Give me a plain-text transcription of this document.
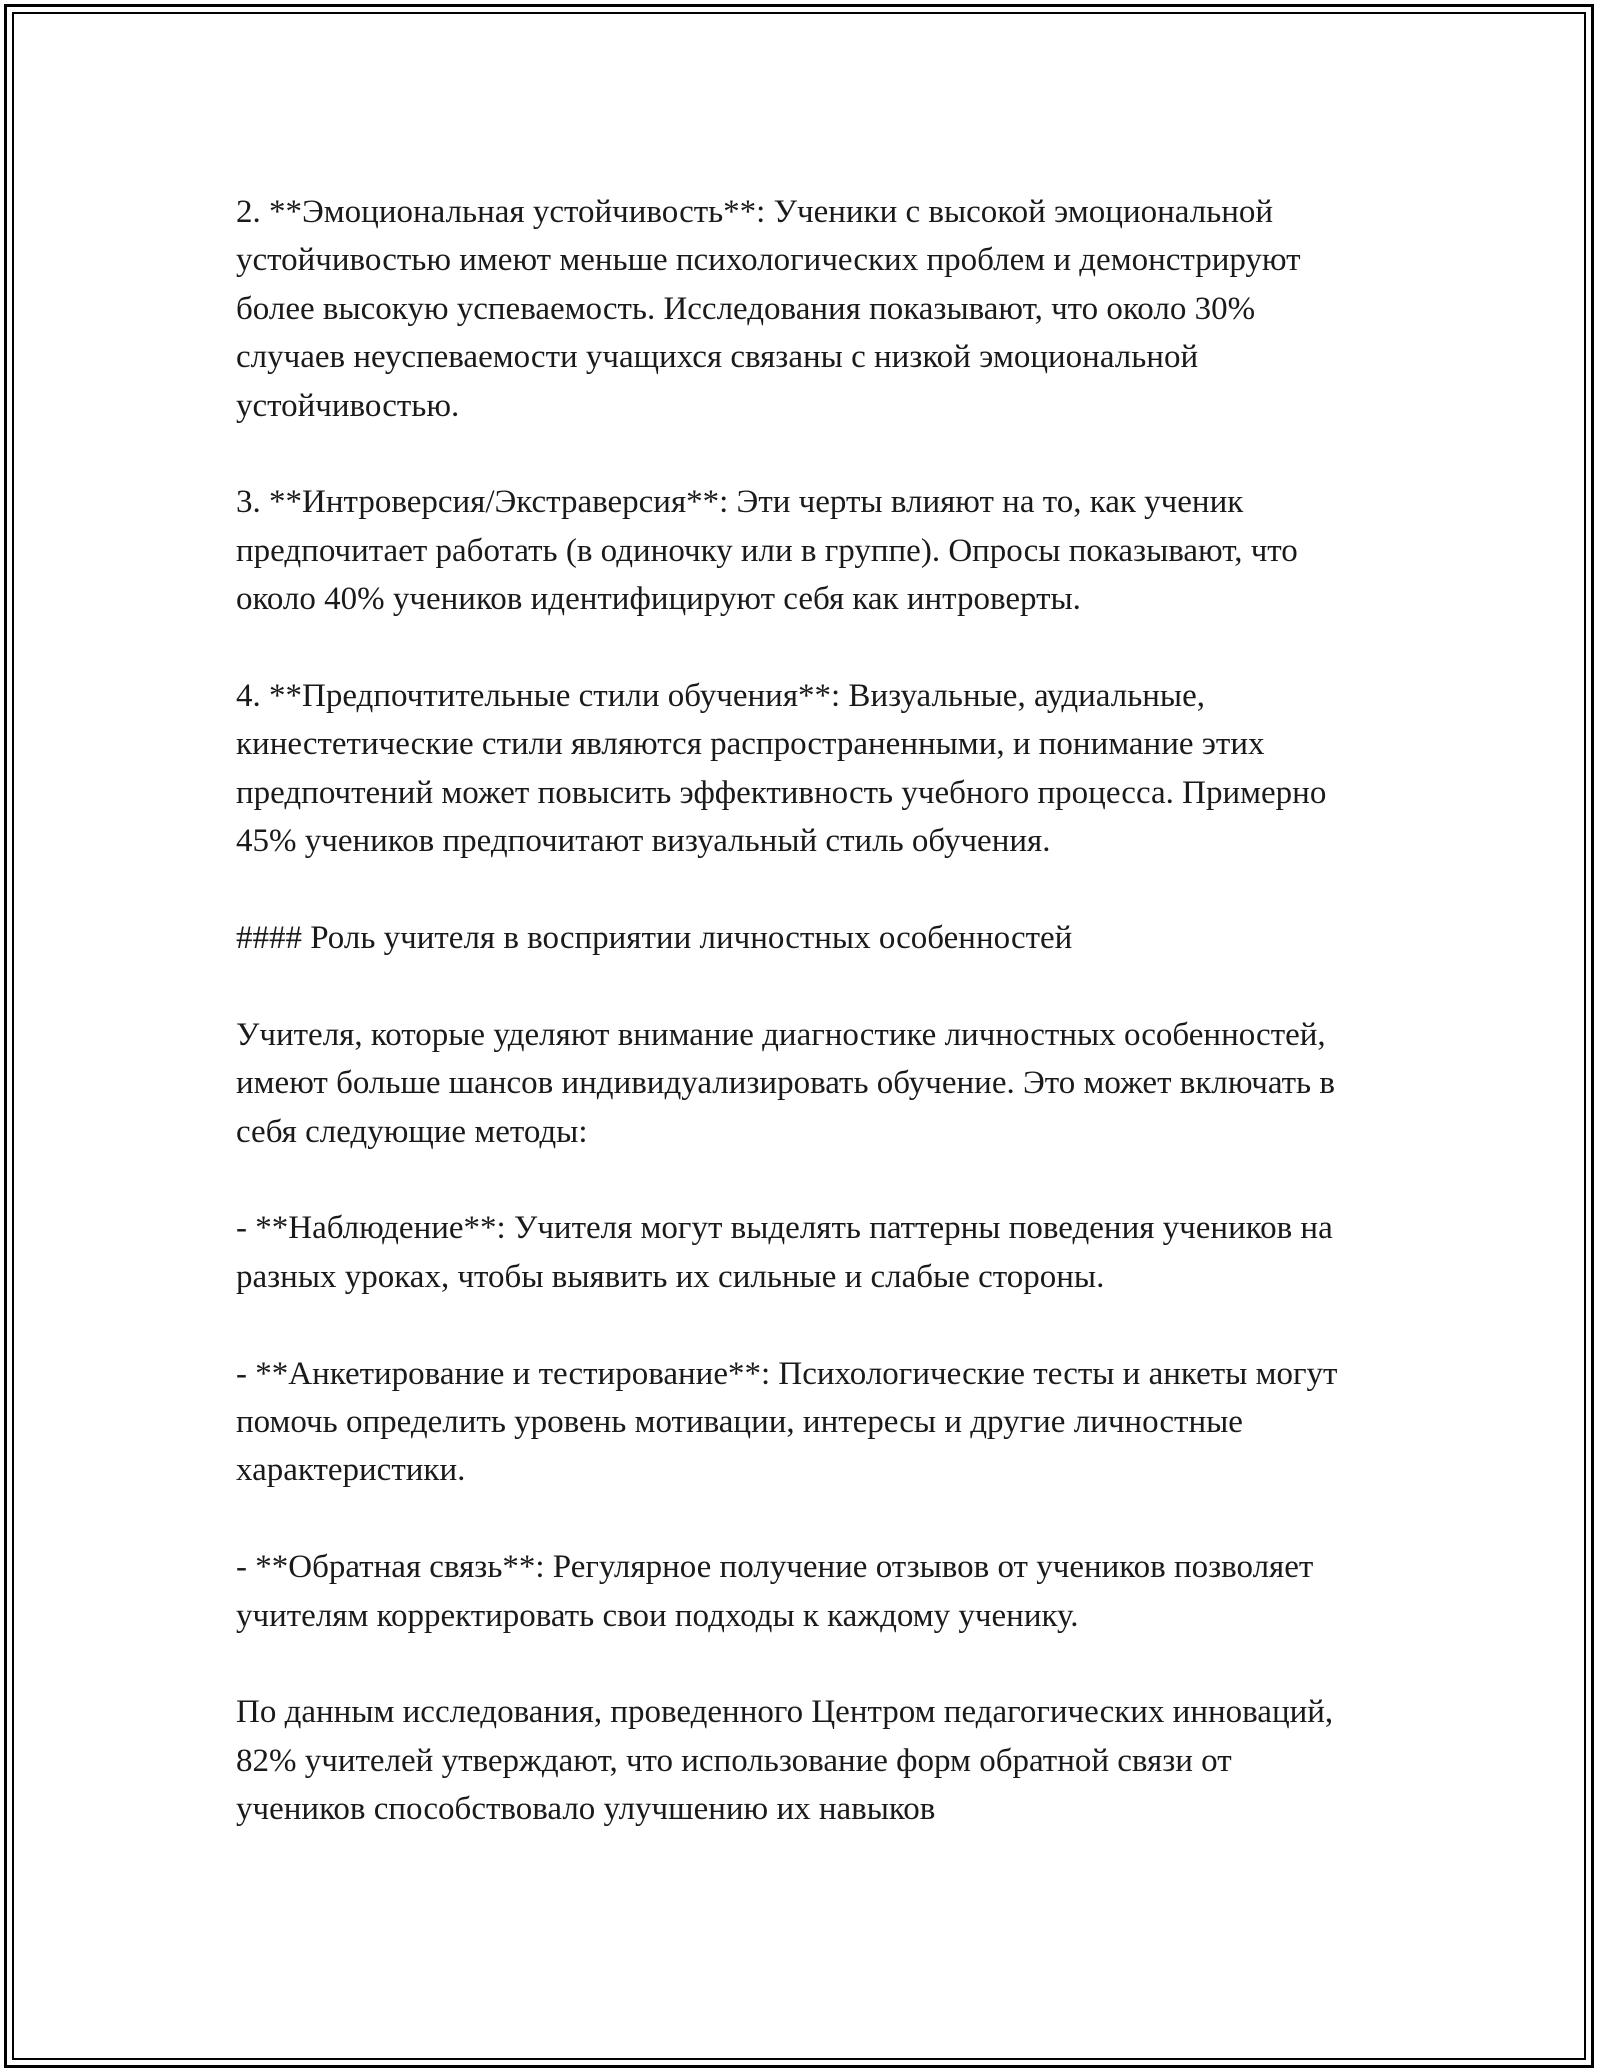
2. **Эмоциональная устойчивость**: Ученики с высокой эмоциональной устойчивостью имеют меньше психологических проблем и демонстрируют более высокую успеваемость. Исследования показывают, что около 30% случаев неуспеваемости учащихся связаны с низкой эмоциональной устойчивостью.

3. **Интроверсия/Экстраверсия**: Эти черты влияют на то, как ученик предпочитает работать (в одиночку или в группе). Опросы показывают, что около 40% учеников идентифицируют себя как интроверты.

4. **Предпочтительные стили обучения**: Визуальные, аудиальные, кинестетические стили являются распространенными, и понимание этих предпочтений может повысить эффективность учебного процесса. Примерно 45% учеников предпочитают визуальный стиль обучения.

#### Роль учителя в восприятии личностных особенностей

Учителя, которые уделяют внимание диагностике личностных особенностей, имеют больше шансов индивидуализировать обучение. Это может включать в себя следующие методы:

- **Наблюдение**: Учителя могут выделять паттерны поведения учеников на разных уроках, чтобы выявить их сильные и слабые стороны.

- **Анкетирование и тестирование**: Психологические тесты и анкеты могут помочь определить уровень мотивации, интересы и другие личностные характеристики.

- **Обратная связь**: Регулярное получение отзывов от учеников позволяет учителям корректировать свои подходы к каждому ученику.

По данным исследования, проведенного Центром педагогических инноваций, 82% учителей утверждают, что использование форм обратной связи от учеников способствовало улучшению их навыков
